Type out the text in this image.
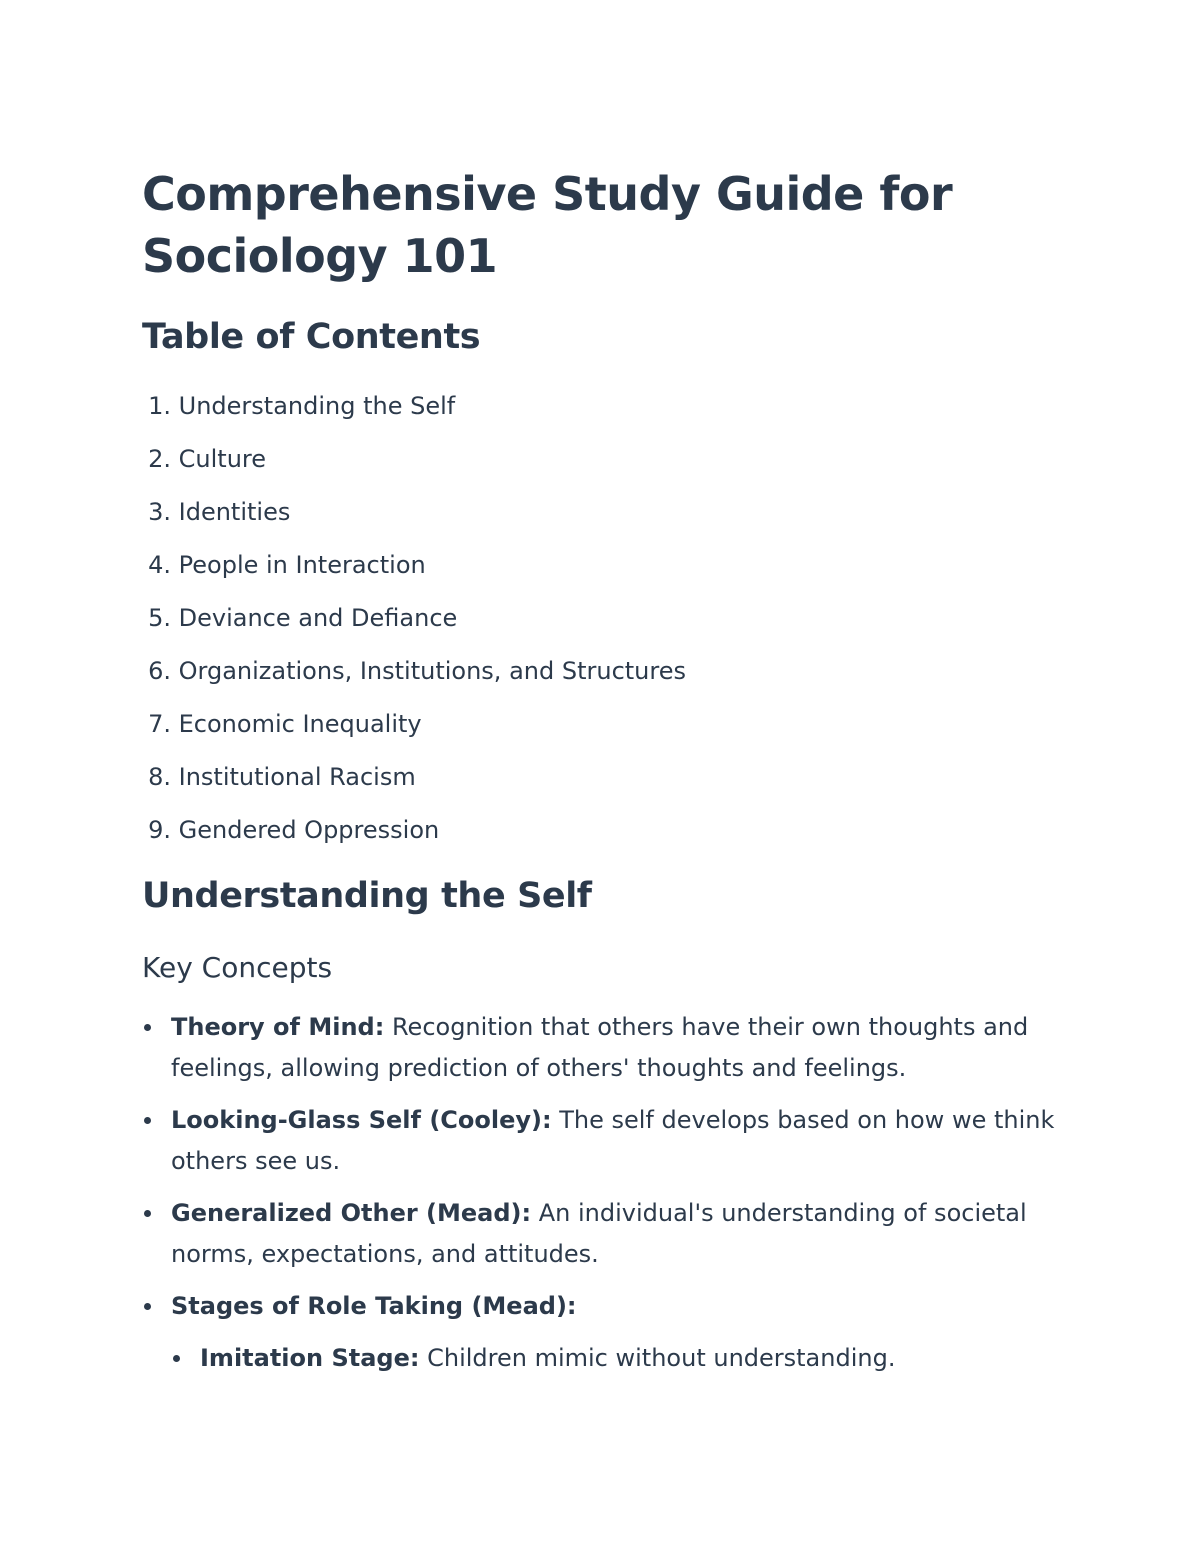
Comprehensive Study Guide for Sociology 101
Table of Contents
1. Understanding the Self
2. Culture
3. Identities
4. People in Interaction
5. Deviance and Defiance
6. Organizations, Institutions, and Structures
7. Economic Inequality
8. Institutional Racism
9. Gendered Oppression
Understanding the Self
Key Concepts
Theory of Mind: Recognition that others have their own thoughts and feelings, allowing prediction of others' thoughts and feelings.
Looking-Glass Self (Cooley): The self develops based on how we think others see us.
Generalized Other (Mead): An individual's understanding of societal norms, expectations, and attitudes.
Stages of Role Taking (Mead):
Imitation Stage: Children mimic without understanding.
